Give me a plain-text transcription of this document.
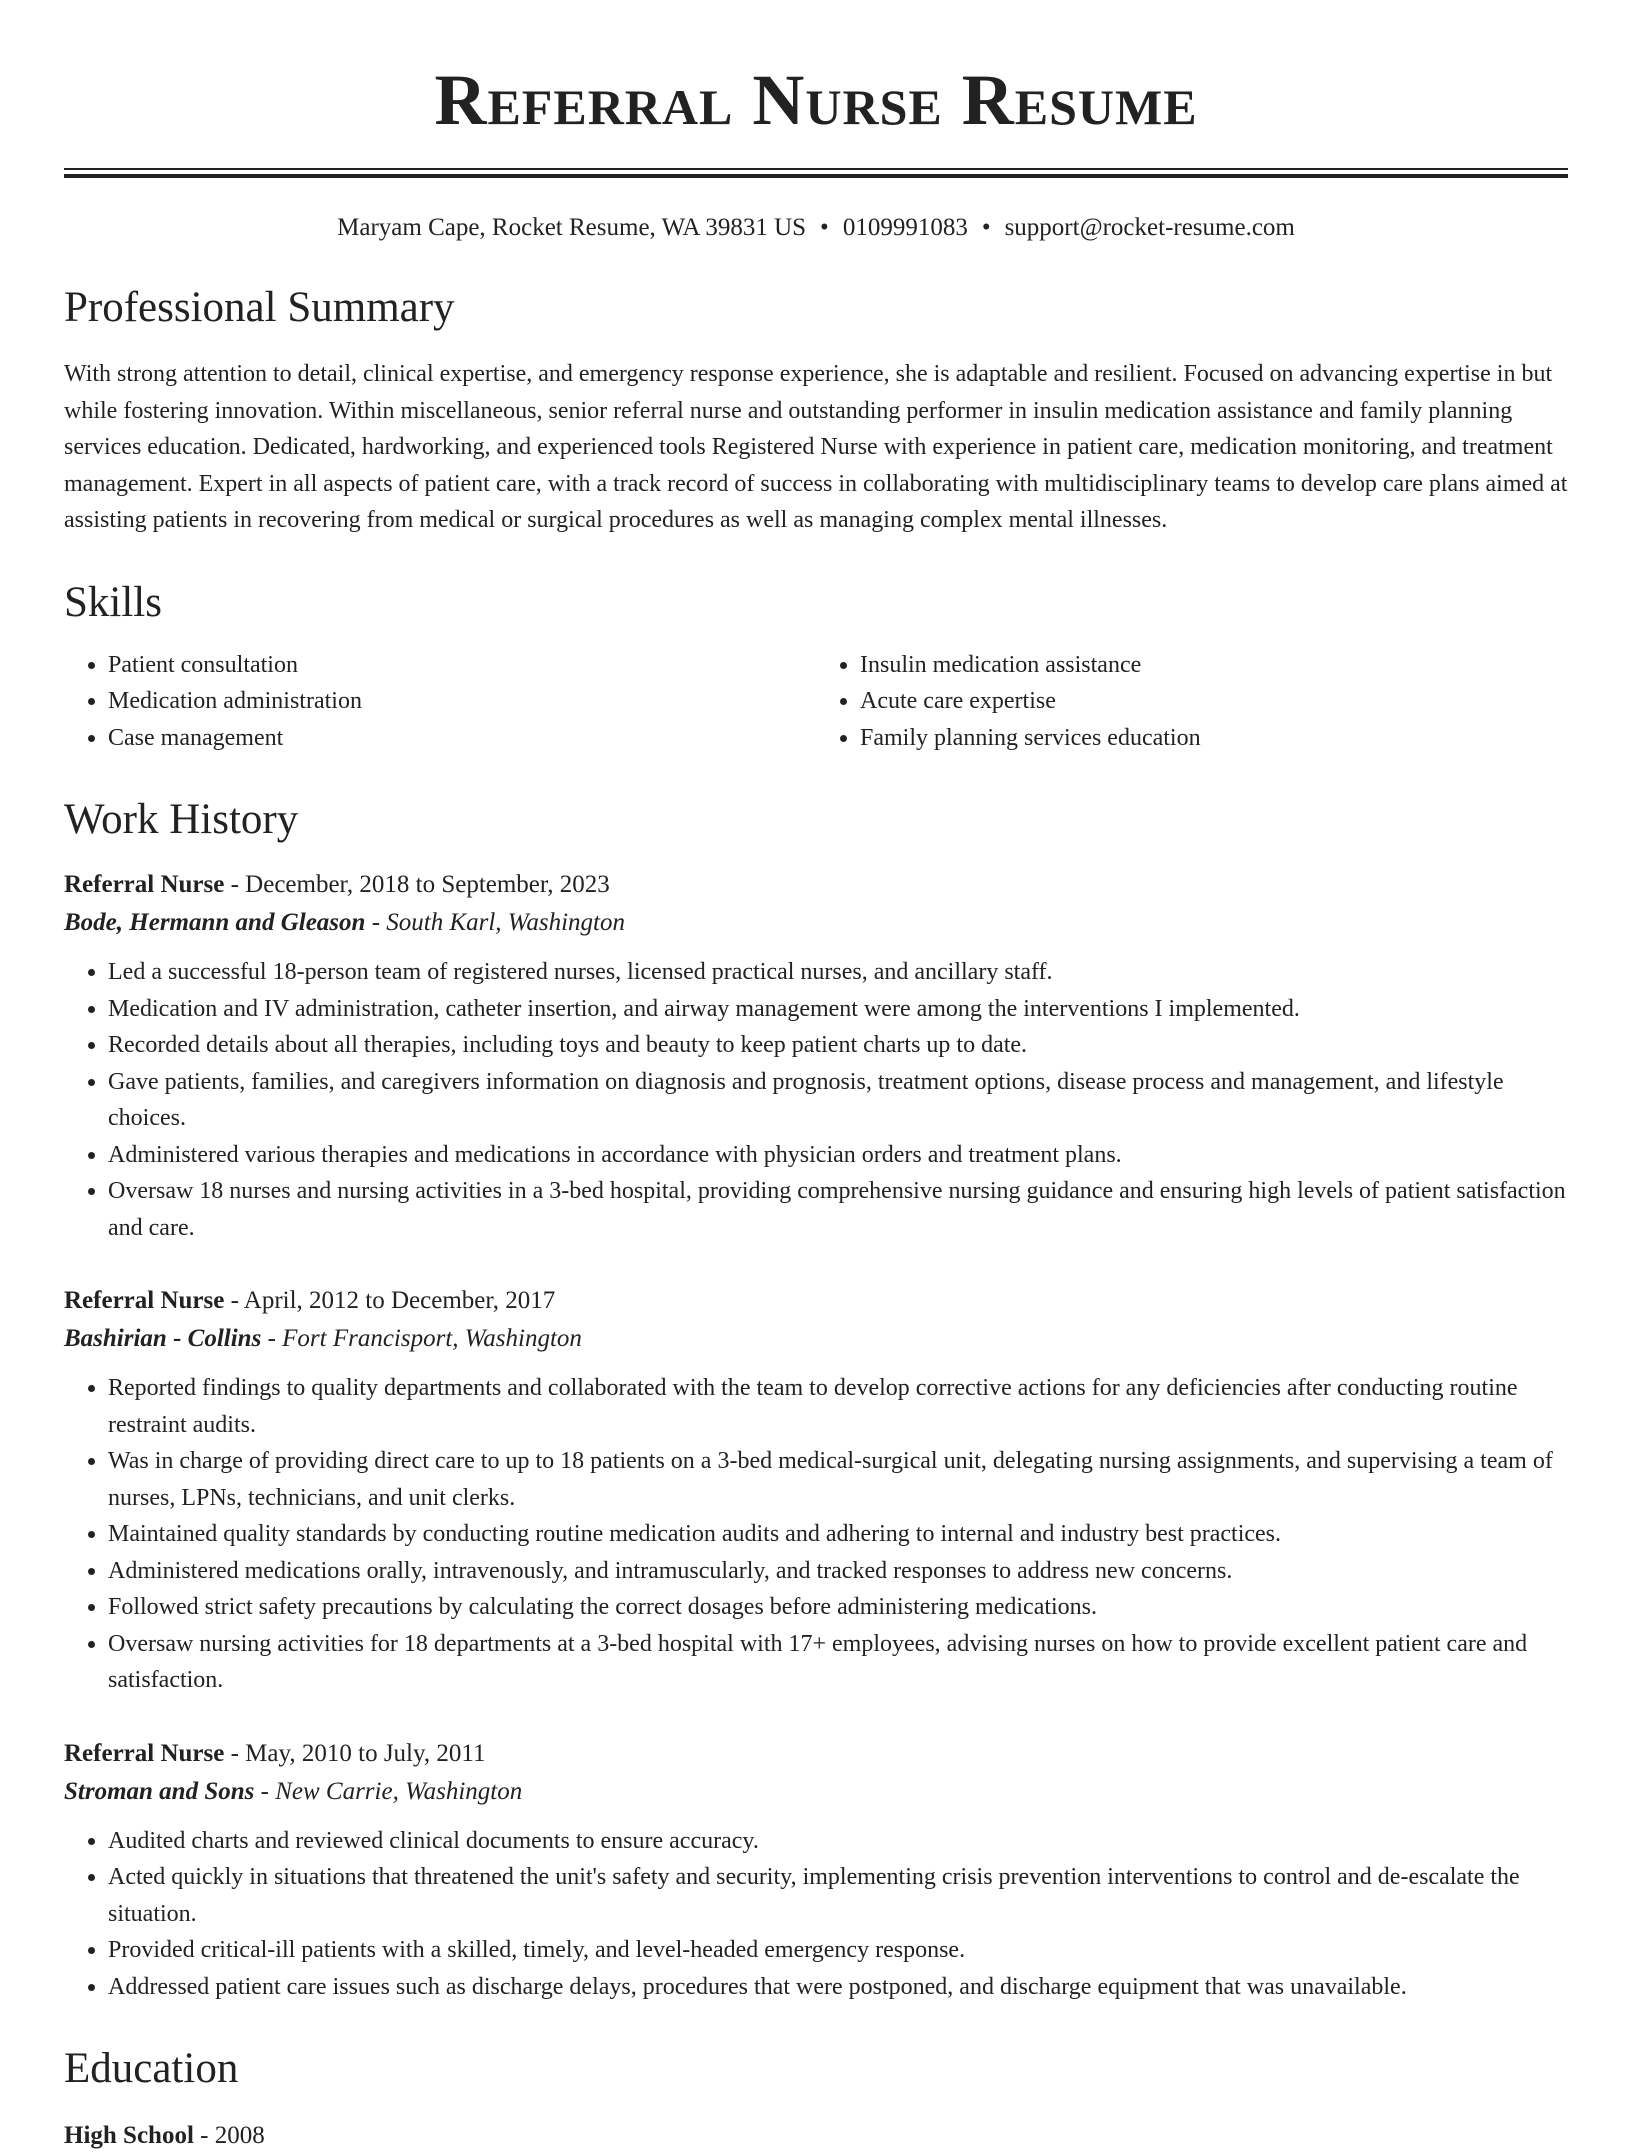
Referral Nurse Resume
Maryam Cape, Rocket Resume, WA 39831 US • 0109991083 • support@rocket-resume.com
Professional Summary

With strong attention to detail, clinical expertise, and emergency response experience, she is adaptable and resilient. Focused on advancing expertise in but while fostering innovation. Within miscellaneous, senior referral nurse and outstanding performer in insulin medication assistance and family planning services education. Dedicated, hardworking, and experienced tools Registered Nurse with experience in patient care, medication monitoring, and treatment management. Expert in all aspects of patient care, with a track record of success in collaborating with multidisciplinary teams to develop care plans aimed at assisting patients in recovering from medical or surgical procedures as well as managing complex mental illnesses.

Skills
• Patient consultation
• Medication administration
• Case management
• Insulin medication assistance
• Acute care expertise
• Family planning services education
Work History
Referral Nurse - December, 2018 to September, 2023
Bode, Hermann and Gleason - South Karl, Washington
• Led a successful 18-person team of registered nurses, licensed practical nurses, and ancillary staff.
• Medication and IV administration, catheter insertion, and airway management were among the interventions I implemented.
• Recorded details about all therapies, including toys and beauty to keep patient charts up to date.
• Gave patients, families, and caregivers information on diagnosis and prognosis, treatment options, disease process and management, and lifestyle choices.
• Administered various therapies and medications in accordance with physician orders and treatment plans.
• Oversaw 18 nurses and nursing activities in a 3-bed hospital, providing comprehensive nursing guidance and ensuring high levels of patient satisfaction and care.
Referral Nurse - April, 2012 to December, 2017
Bashirian - Collins - Fort Francisport, Washington
• Reported findings to quality departments and collaborated with the team to develop corrective actions for any deficiencies after conducting routine restraint audits.
• Was in charge of providing direct care to up to 18 patients on a 3-bed medical-surgical unit, delegating nursing assignments, and supervising a team of nurses, LPNs, technicians, and unit clerks.
• Maintained quality standards by conducting routine medication audits and adhering to internal and industry best practices.
• Administered medications orally, intravenously, and intramuscularly, and tracked responses to address new concerns.
• Followed strict safety precautions by calculating the correct dosages before administering medications.
• Oversaw nursing activities for 18 departments at a 3-bed hospital with 17+ employees, advising nurses on how to provide excellent patient care and satisfaction.
Referral Nurse - May, 2010 to July, 2011
Stroman and Sons - New Carrie, Washington
• Audited charts and reviewed clinical documents to ensure accuracy.
• Acted quickly in situations that threatened the unit's safety and security, implementing crisis prevention interventions to control and de-escalate the situation.
• Provided critical-ill patients with a skilled, timely, and level-headed emergency response.
• Addressed patient care issues such as discharge delays, procedures that were postponed, and discharge equipment that was unavailable.
Education
High School - 2008
